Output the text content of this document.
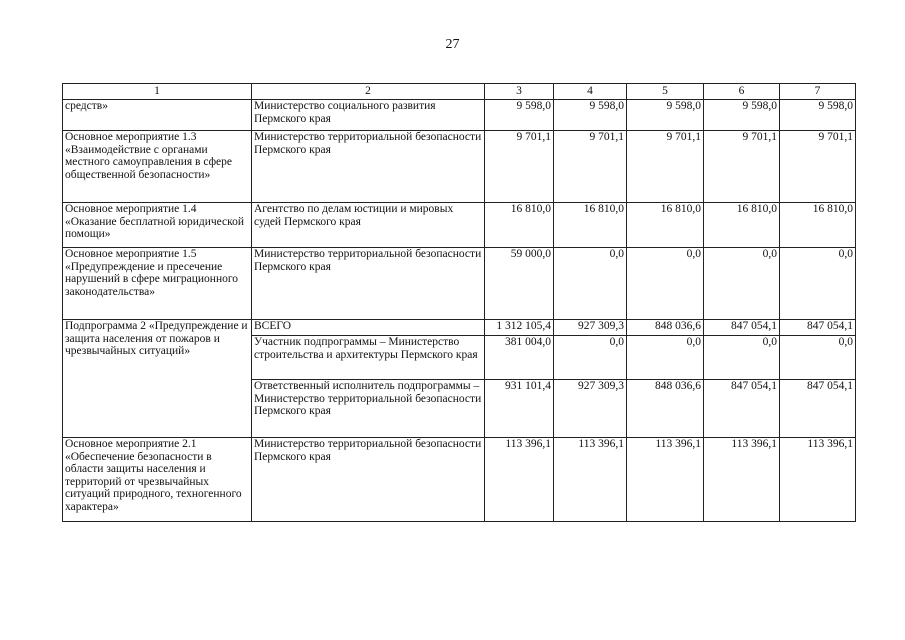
27
1	2	3	4	5	6	7
средств»	Министерство социального развития Пермского края	9 598,0	9 598,0	9 598,0	9 598,0	9 598,0
Основное мероприятие 1.3 «Взаимодействие с органами местного самоуправления в сфере общественной безопасности»	Министерство территориальной безопасности Пермского края	9 701,1	9 701,1	9 701,1	9 701,1	9 701,1
Основное мероприятие 1.4 «Оказание бесплатной юридической помощи»	Агентство по делам юстиции и мировых судей Пермского края	16 810,0	16 810,0	16 810,0	16 810,0	16 810,0
Основное мероприятие 1.5 «Предупреждение и пресечение нарушений в сфере миграционного законодательства»	Министерство территориальной безопасности Пермского края	59 000,0	0,0	0,0	0,0	0,0
Подпрограмма 2 «Предупреждение и защита населения от пожаров и чрезвычайных ситуаций»	ВСЕГО	1 312 105,4	927 309,3	848 036,6	847 054,1	847 054,1
	Участник подпрограммы – Министерство строительства и архитектуры Пермского края	381 004,0	0,0	0,0	0,0	0,0
	Ответственный исполнитель подпрограммы – Министерство территориальной безопасности Пермского края	931 101,4	927 309,3	848 036,6	847 054,1	847 054,1
Основное мероприятие 2.1 «Обеспечение безопасности в области защиты населения и территорий от чрезвычайных ситуаций природного, техногенного характера»	Министерство территориальной безопасности Пермского края	113 396,1	113 396,1	113 396,1	113 396,1	113 396,1
